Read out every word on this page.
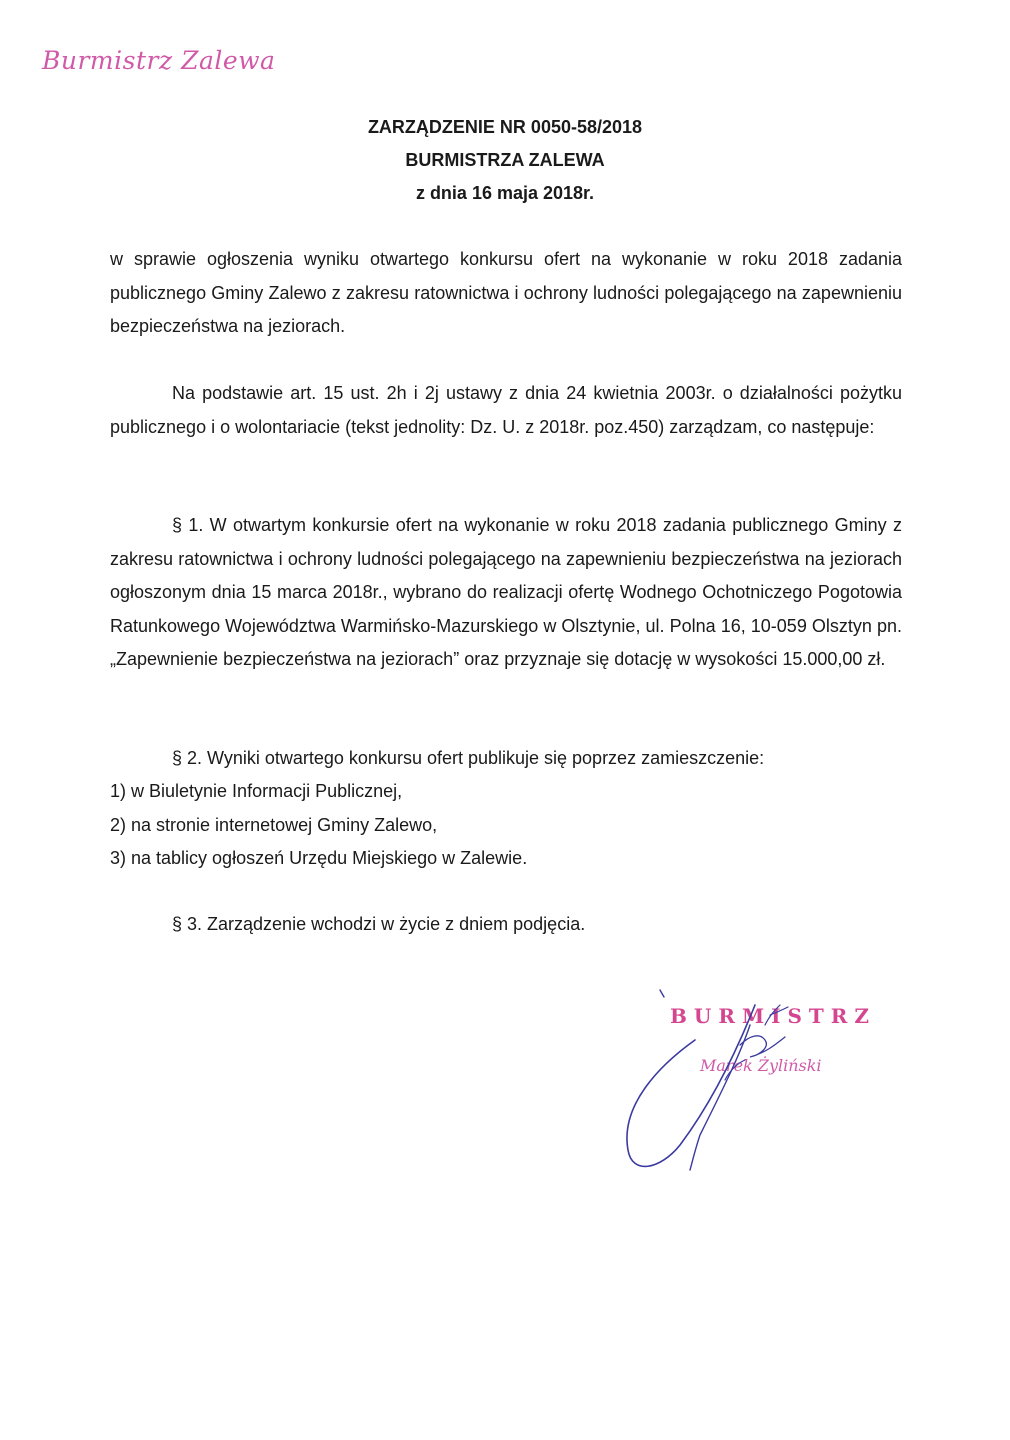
Burmistrz Zalewa
ZARZĄDZENIE NR 0050-58/2018
BURMISTRZA ZALEWA
z dnia 16 maja 2018r.
w sprawie ogłoszenia wyniku otwartego konkursu ofert na wykonanie w roku 2018 zadania publicznego Gminy Zalewo z zakresu ratownictwa i ochrony ludności polegającego na zapewnieniu bezpieczeństwa na jeziorach.
Na podstawie art. 15 ust. 2h i 2j ustawy z dnia 24 kwietnia 2003r. o działalności pożytku publicznego i o wolontariacie (tekst jednolity: Dz. U. z 2018r. poz.450) zarządzam, co następuje:
§ 1. W otwartym konkursie ofert na wykonanie w roku 2018 zadania publicznego Gminy z zakresu ratownictwa i ochrony ludności polegającego na zapewnieniu bezpieczeństwa na jeziorach ogłoszonym dnia 15 marca 2018r., wybrano do realizacji ofertę Wodnego Ochotniczego Pogotowia Ratunkowego Województwa Warmińsko-Mazurskiego w Olsztynie, ul. Polna 16, 10-059 Olsztyn pn. „Zapewnienie bezpieczeństwa na jeziorach” oraz przyznaje się dotację w wysokości 15.000,00 zł.
§ 2. Wyniki otwartego konkursu ofert publikuje się poprzez zamieszczenie:
1) w Biuletynie Informacji Publicznej,
2) na stronie internetowej Gminy Zalewo,
3) na tablicy ogłoszeń Urzędu Miejskiego w Zalewie.
§ 3. Zarządzenie wchodzi w życie z dniem podjęcia.
BURMISTRZ
Marek Żyliński
